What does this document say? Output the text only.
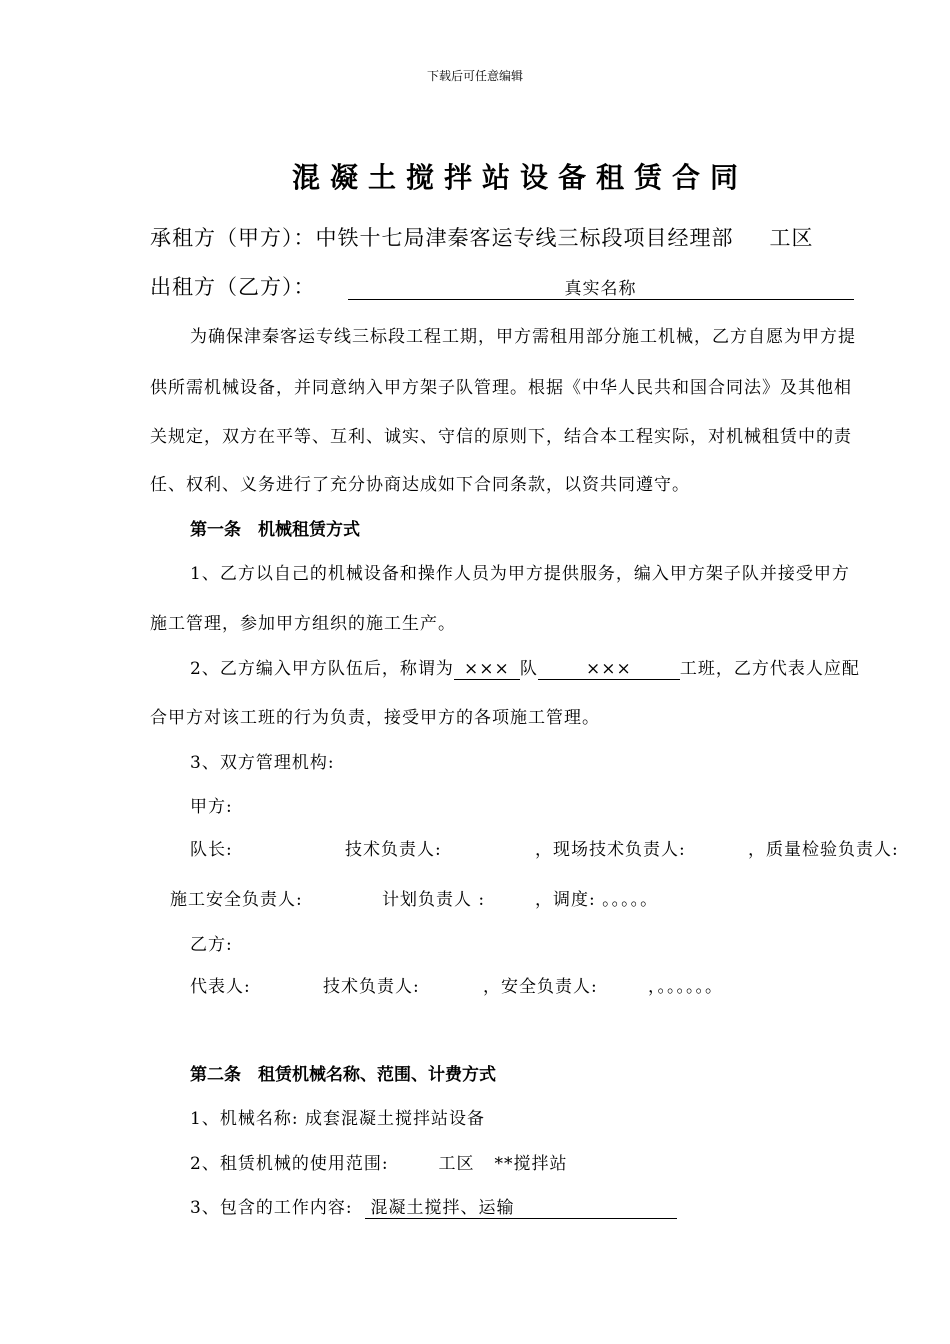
下载后可任意编辑
混凝土搅拌站设备租赁合同
承租方（甲方）：中铁十七局津秦客运专线三标段项目经理部 工区
出租方（乙方）：	真实名称
为确保津秦客运专线三标段工程工期，甲方需租用部分施工机械，乙方自愿为甲方提
供所需机械设备，并同意纳入甲方架子队管理。根据《中华人民共和国合同法》及其他相
关规定，双方在平等、互利、诚实、守信的原则下，结合本工程实际，对机械租赁中的责
任、权利、义务进行了充分协商达成如下合同条款，以资共同遵守。
第一条　机械租赁方式
1、乙方以自己的机械设备和操作人员为甲方提供服务，编入甲方架子队并接受甲方
施工管理，参加甲方组织的施工生产。
2、乙方编入甲方队伍后，称谓为 ××× 队	×××	工班，乙方代表人应配
合甲方对该工班的行为负责，接受甲方的各项施工管理。
3、双方管理机构:
甲方:
队长:	技术负责人:	，现场技术负责人:	，质量检验负责人:
施工安全负责人:	计划负责人 :	，调度: 。。。。。
乙方:
代表人:	技术负责人:	，安全负责人:	，。。。。。。
第二条　租赁机械名称、范围、计费方式
1、机械名称: 成套混凝土搅拌站设备
2、租赁机械的使用范围:	工区 **搅拌站
3、包含的工作内容: 混凝土搅拌、运输
